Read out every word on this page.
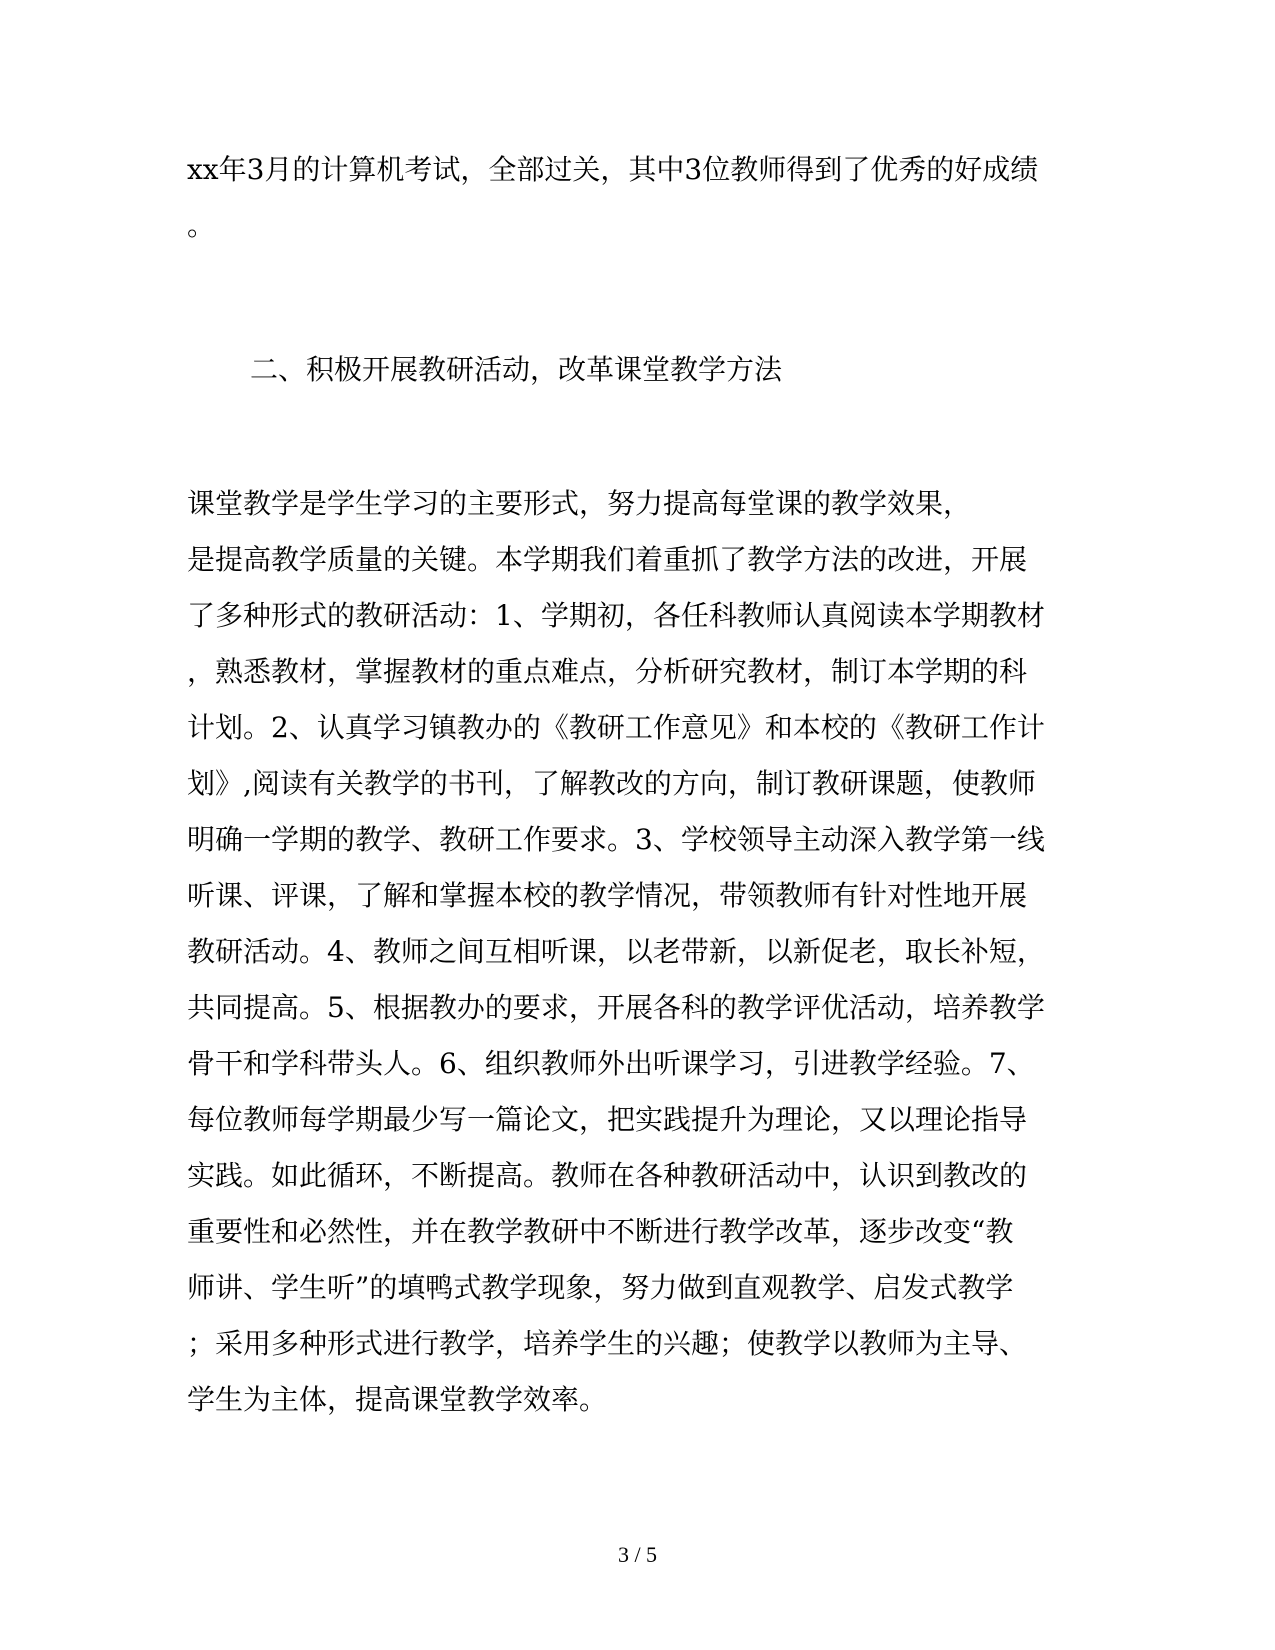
xx年3月的计算机考试，全部过关，其中3位教师得到了优秀的好成绩
。
二、积极开展教研活动，改革课堂教学方法
课堂教学是学生学习的主要形式，努力提高每堂课的教学效果，
是提高教学质量的关键。本学期我们着重抓了教学方法的改进，开展
了多种形式的教研活动：1、学期初，各任科教师认真阅读本学期教材
，熟悉教材，掌握教材的重点难点，分析研究教材，制订本学期的科
计划。2、认真学习镇教办的《教研工作意见》和本校的《教研工作计
划》,阅读有关教学的书刊，了解教改的方向，制订教研课题，使教师
明确一学期的教学、教研工作要求。3、学校领导主动深入教学第一线
听课、评课，了解和掌握本校的教学情况，带领教师有针对性地开展
教研活动。4、教师之间互相听课，以老带新，以新促老，取长补短，
共同提高。5、根据教办的要求，开展各科的教学评优活动，培养教学
骨干和学科带头人。6、组织教师外出听课学习，引进教学经验。7、
每位教师每学期最少写一篇论文，把实践提升为理论，又以理论指导
实践。如此循环，不断提高。教师在各种教研活动中，认识到教改的
重要性和必然性，并在教学教研中不断进行教学改革，逐步改变“教
师讲、学生听”的填鸭式教学现象，努力做到直观教学、启发式教学
；采用多种形式进行教学，培养学生的兴趣；使教学以教师为主导、
学生为主体，提高课堂教学效率。
3 / 5
